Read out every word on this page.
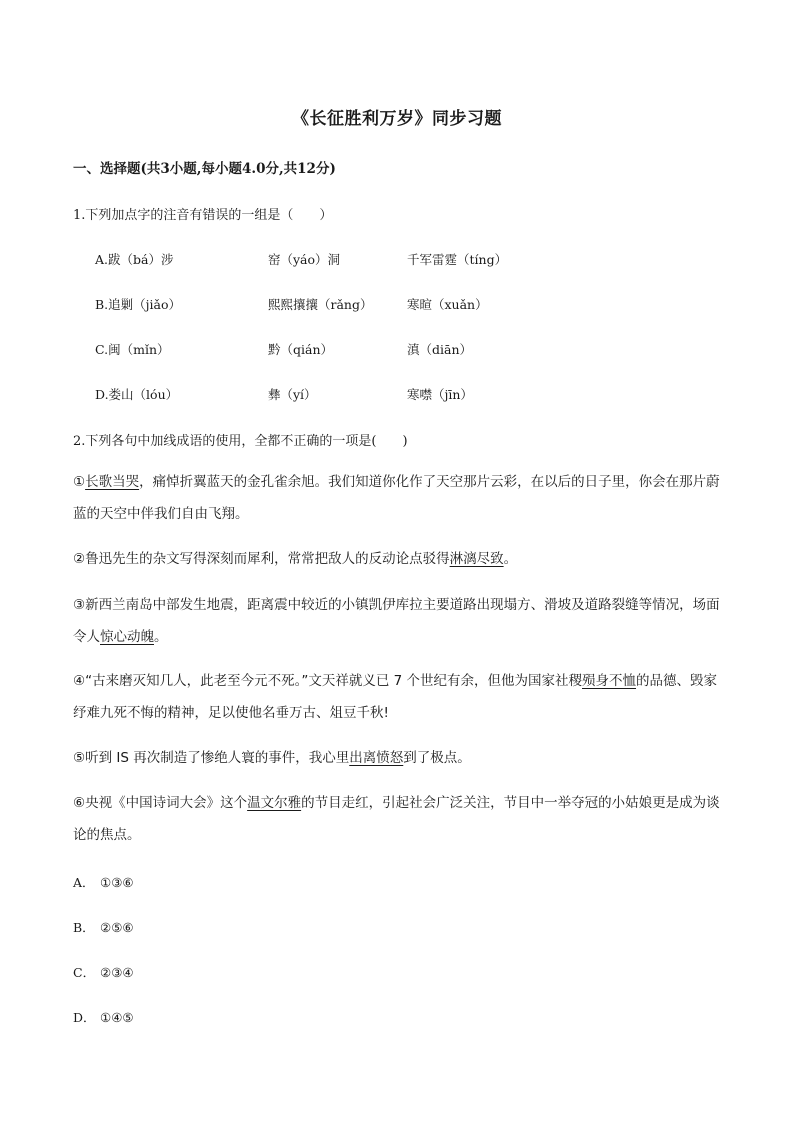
《长征胜利万岁》同步习题
一、选择题(共3小题,每小题4.0分,共12分)
1.下列加点字的注音有错误的一组是（　　）
A.跋（bá）涉	窑（yáo）洞	千军雷霆（tíng）
B.追剿（jiǎo）	熙熙攘攘（rǎng）	寒暄（xuǎn）
C.闽（mǐn）	黔（qián）	滇（diān）
D.娄山（lóu）	彝（yí）	寒噤（jīn）
2.下列各句中加线成语的使用，全都不正确的一项是(　　)
①长歌当哭，痛悼折翼蓝天的金孔雀余旭。我们知道你化作了天空那片云彩，在以后的日子里，你会在那片蔚蓝的天空中伴我们自由飞翔。
②鲁迅先生的杂文写得深刻而犀利，常常把敌人的反动论点驳得淋漓尽致。
③新西兰南岛中部发生地震，距离震中较近的小镇凯伊库拉主要道路出现塌方、滑坡及道路裂缝等情况，场面令人惊心动魄。
④“古来磨灭知几人，此老至今元不死。”文天祥就义已 7 个世纪有余，但他为国家社稷殒身不恤的品德、毁家纾难九死不悔的精神，足以使他名垂万古、俎豆千秋!
⑤听到 IS 再次制造了惨绝人寰的事件，我心里出离愤怒到了极点。
⑥央视《中国诗词大会》这个温文尔雅的节目走红，引起社会广泛关注，节目中一举夺冠的小姑娘更是成为谈论的焦点。
A． ①③⑥
B． ②⑤⑥
C． ②③④
D． ①④⑤
